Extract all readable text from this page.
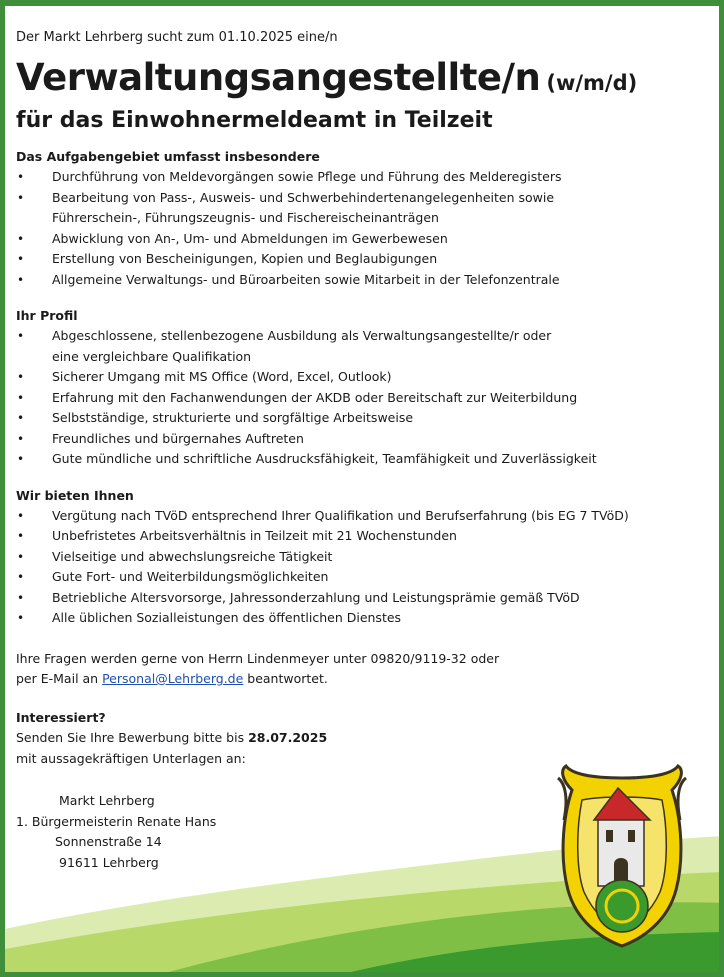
Der Markt Lehrberg sucht zum 01.10.2025 eine/n

Verwaltungsangestellte/n (w/m/d)

für das Einwohnermeldeamt in Teilzeit

Das Aufgabengebiet umfasst insbesondere
• Durchführung von Meldevorgängen sowie Pflege und Führung des Melderegisters
• Bearbeitung von Pass-, Ausweis- und Schwerbehindertenangelegenheiten sowie
Führerschein-, Führungszeugnis- und Fischereischeinanträgen
• Abwicklung von An-, Um- und Abmeldungen im Gewerbewesen
• Erstellung von Bescheinigungen, Kopien und Beglaubigungen
• Allgemeine Verwaltungs- und Büroarbeiten sowie Mitarbeit in der Telefonzentrale
Ihr Profil
• Abgeschlossene, stellenbezogene Ausbildung als Verwaltungsangestellte/r oder
eine vergleichbare Qualifikation
• Sicherer Umgang mit MS Office (Word, Excel, Outlook)
• Erfahrung mit den Fachanwendungen der AKDB oder Bereitschaft zur Weiterbildung
• Selbstständige, strukturierte und sorgfältige Arbeitsweise
• Freundliches und bürgernahes Auftreten
• Gute mündliche und schriftliche Ausdrucksfähigkeit, Teamfähigkeit und Zuverlässigkeit
Wir bieten Ihnen
• Vergütung nach TVöD entsprechend Ihrer Qualifikation und Berufserfahrung (bis EG 7 TVöD)
• Unbefristetes Arbeitsverhältnis in Teilzeit mit 21 Wochenstunden
• Vielseitige und abwechslungsreiche Tätigkeit
• Gute Fort- und Weiterbildungsmöglichkeiten
• Betriebliche Altersvorsorge, Jahressonderzahlung und Leistungsprämie gemäß TVöD
• Alle üblichen Sozialleistungen des öffentlichen Dienstes

Ihre Fragen werden gerne von Herrn Lindenmeyer unter 09820/9119-32 oder

per E-Mail an Personal@Lehrberg.de beantwortet.

Interessiert?

Senden Sie Ihre Bewerbung bitte bis 28.07.2025

mit aussagekräftigen Unterlagen an:

Markt Lehrberg
1. Bürgermeisterin Renate Hans
Sonnenstraße 14
91611 Lehrberg
